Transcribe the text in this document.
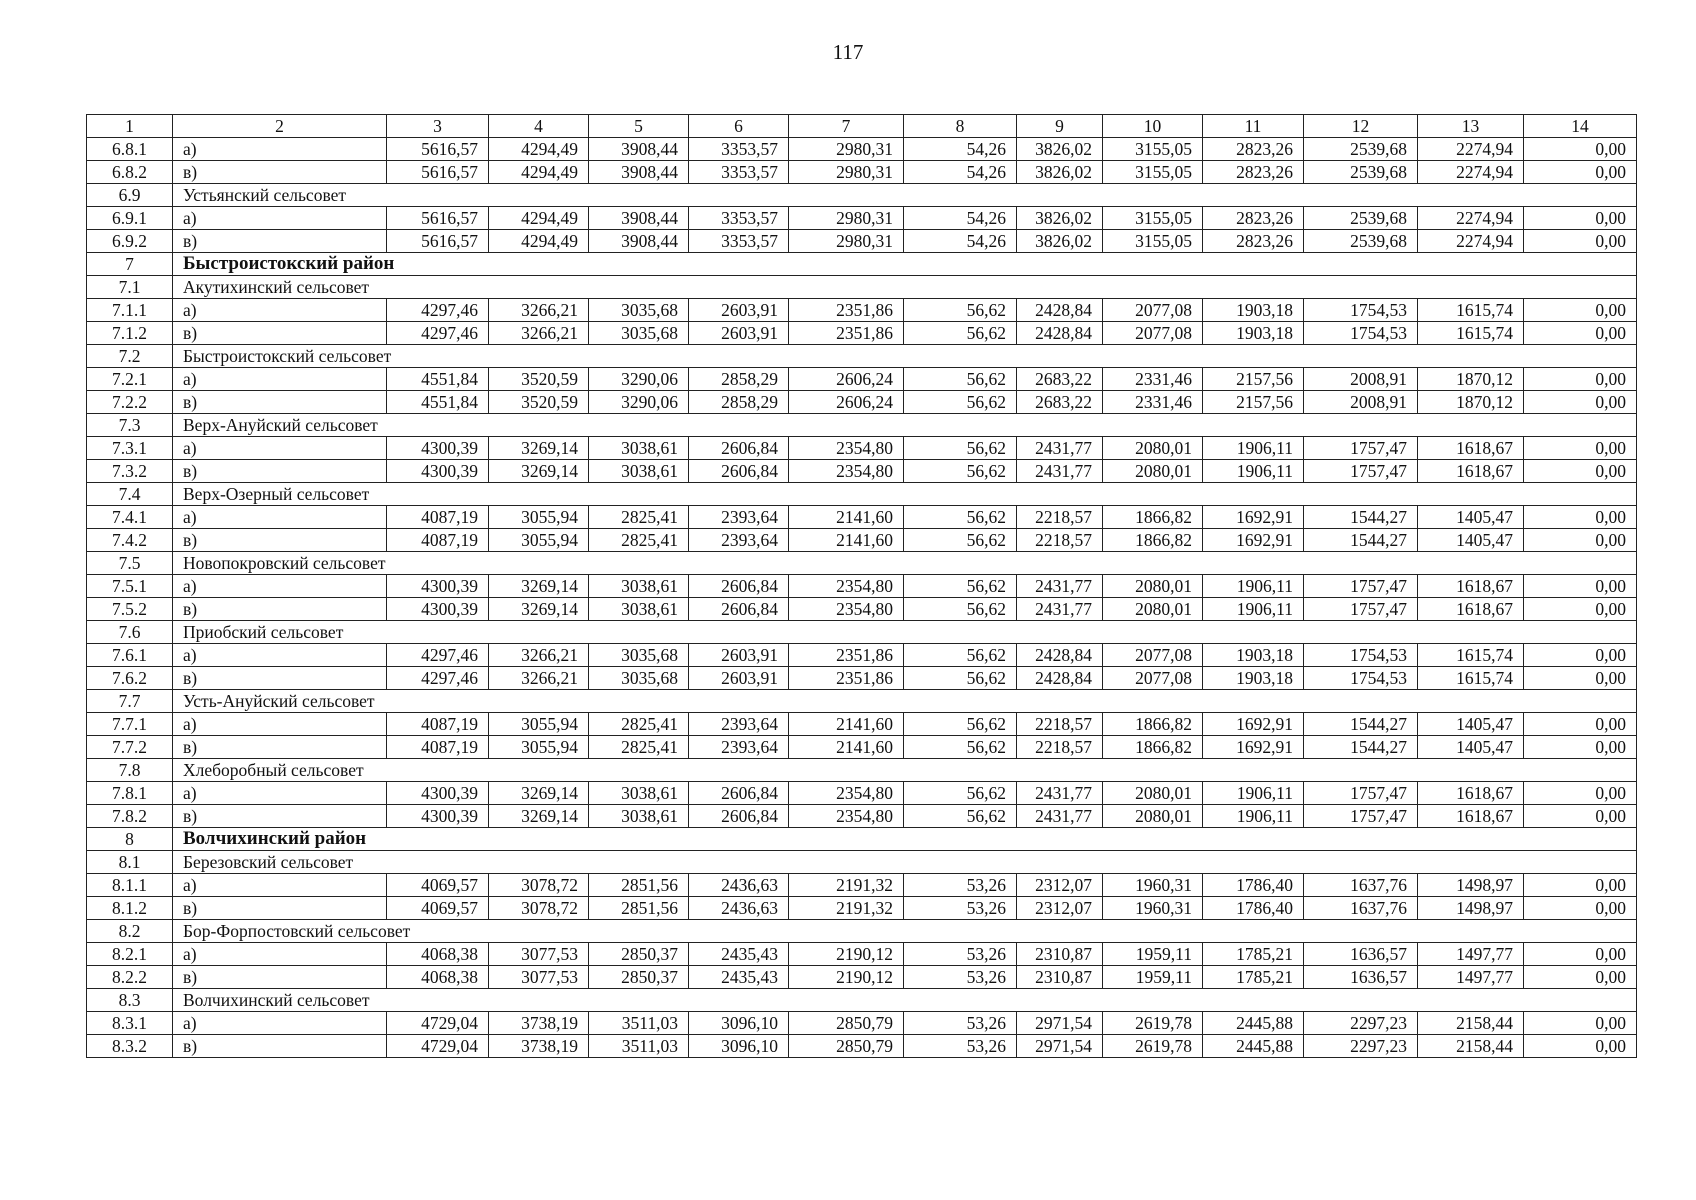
117
1	2	3	4	5	6	7	8	9	10	11	12	13	14
6.8.1	а)	5616,57	4294,49	3908,44	3353,57	2980,31	54,26	3826,02	3155,05	2823,26	2539,68	2274,94	0,00
6.8.2	в)	5616,57	4294,49	3908,44	3353,57	2980,31	54,26	3826,02	3155,05	2823,26	2539,68	2274,94	0,00
6.9	Устьянский сельсовет												
6.9.1	а)	5616,57	4294,49	3908,44	3353,57	2980,31	54,26	3826,02	3155,05	2823,26	2539,68	2274,94	0,00
6.9.2	в)	5616,57	4294,49	3908,44	3353,57	2980,31	54,26	3826,02	3155,05	2823,26	2539,68	2274,94	0,00
7	Быстроистокский район												
7.1	Акутихинский сельсовет												
7.1.1	а)	4297,46	3266,21	3035,68	2603,91	2351,86	56,62	2428,84	2077,08	1903,18	1754,53	1615,74	0,00
7.1.2	в)	4297,46	3266,21	3035,68	2603,91	2351,86	56,62	2428,84	2077,08	1903,18	1754,53	1615,74	0,00
7.2	Быстроистокский сельсовет												
7.2.1	а)	4551,84	3520,59	3290,06	2858,29	2606,24	56,62	2683,22	2331,46	2157,56	2008,91	1870,12	0,00
7.2.2	в)	4551,84	3520,59	3290,06	2858,29	2606,24	56,62	2683,22	2331,46	2157,56	2008,91	1870,12	0,00
7.3	Верх-Ануйский сельсовет												
7.3.1	а)	4300,39	3269,14	3038,61	2606,84	2354,80	56,62	2431,77	2080,01	1906,11	1757,47	1618,67	0,00
7.3.2	в)	4300,39	3269,14	3038,61	2606,84	2354,80	56,62	2431,77	2080,01	1906,11	1757,47	1618,67	0,00
7.4	Верх-Озерный сельсовет												
7.4.1	а)	4087,19	3055,94	2825,41	2393,64	2141,60	56,62	2218,57	1866,82	1692,91	1544,27	1405,47	0,00
7.4.2	в)	4087,19	3055,94	2825,41	2393,64	2141,60	56,62	2218,57	1866,82	1692,91	1544,27	1405,47	0,00
7.5	Новопокровский сельсовет												
7.5.1	а)	4300,39	3269,14	3038,61	2606,84	2354,80	56,62	2431,77	2080,01	1906,11	1757,47	1618,67	0,00
7.5.2	в)	4300,39	3269,14	3038,61	2606,84	2354,80	56,62	2431,77	2080,01	1906,11	1757,47	1618,67	0,00
7.6	Приобский сельсовет												
7.6.1	а)	4297,46	3266,21	3035,68	2603,91	2351,86	56,62	2428,84	2077,08	1903,18	1754,53	1615,74	0,00
7.6.2	в)	4297,46	3266,21	3035,68	2603,91	2351,86	56,62	2428,84	2077,08	1903,18	1754,53	1615,74	0,00
7.7	Усть-Ануйский сельсовет												
7.7.1	а)	4087,19	3055,94	2825,41	2393,64	2141,60	56,62	2218,57	1866,82	1692,91	1544,27	1405,47	0,00
7.7.2	в)	4087,19	3055,94	2825,41	2393,64	2141,60	56,62	2218,57	1866,82	1692,91	1544,27	1405,47	0,00
7.8	Хлеборобный сельсовет												
7.8.1	а)	4300,39	3269,14	3038,61	2606,84	2354,80	56,62	2431,77	2080,01	1906,11	1757,47	1618,67	0,00
7.8.2	в)	4300,39	3269,14	3038,61	2606,84	2354,80	56,62	2431,77	2080,01	1906,11	1757,47	1618,67	0,00
8	Волчихинский район												
8.1	Березовский сельсовет												
8.1.1	а)	4069,57	3078,72	2851,56	2436,63	2191,32	53,26	2312,07	1960,31	1786,40	1637,76	1498,97	0,00
8.1.2	в)	4069,57	3078,72	2851,56	2436,63	2191,32	53,26	2312,07	1960,31	1786,40	1637,76	1498,97	0,00
8.2	Бор-Форпостовский сельсовет												
8.2.1	а)	4068,38	3077,53	2850,37	2435,43	2190,12	53,26	2310,87	1959,11	1785,21	1636,57	1497,77	0,00
8.2.2	в)	4068,38	3077,53	2850,37	2435,43	2190,12	53,26	2310,87	1959,11	1785,21	1636,57	1497,77	0,00
8.3	Волчихинский сельсовет												
8.3.1	а)	4729,04	3738,19	3511,03	3096,10	2850,79	53,26	2971,54	2619,78	2445,88	2297,23	2158,44	0,00
8.3.2	в)	4729,04	3738,19	3511,03	3096,10	2850,79	53,26	2971,54	2619,78	2445,88	2297,23	2158,44	0,00
